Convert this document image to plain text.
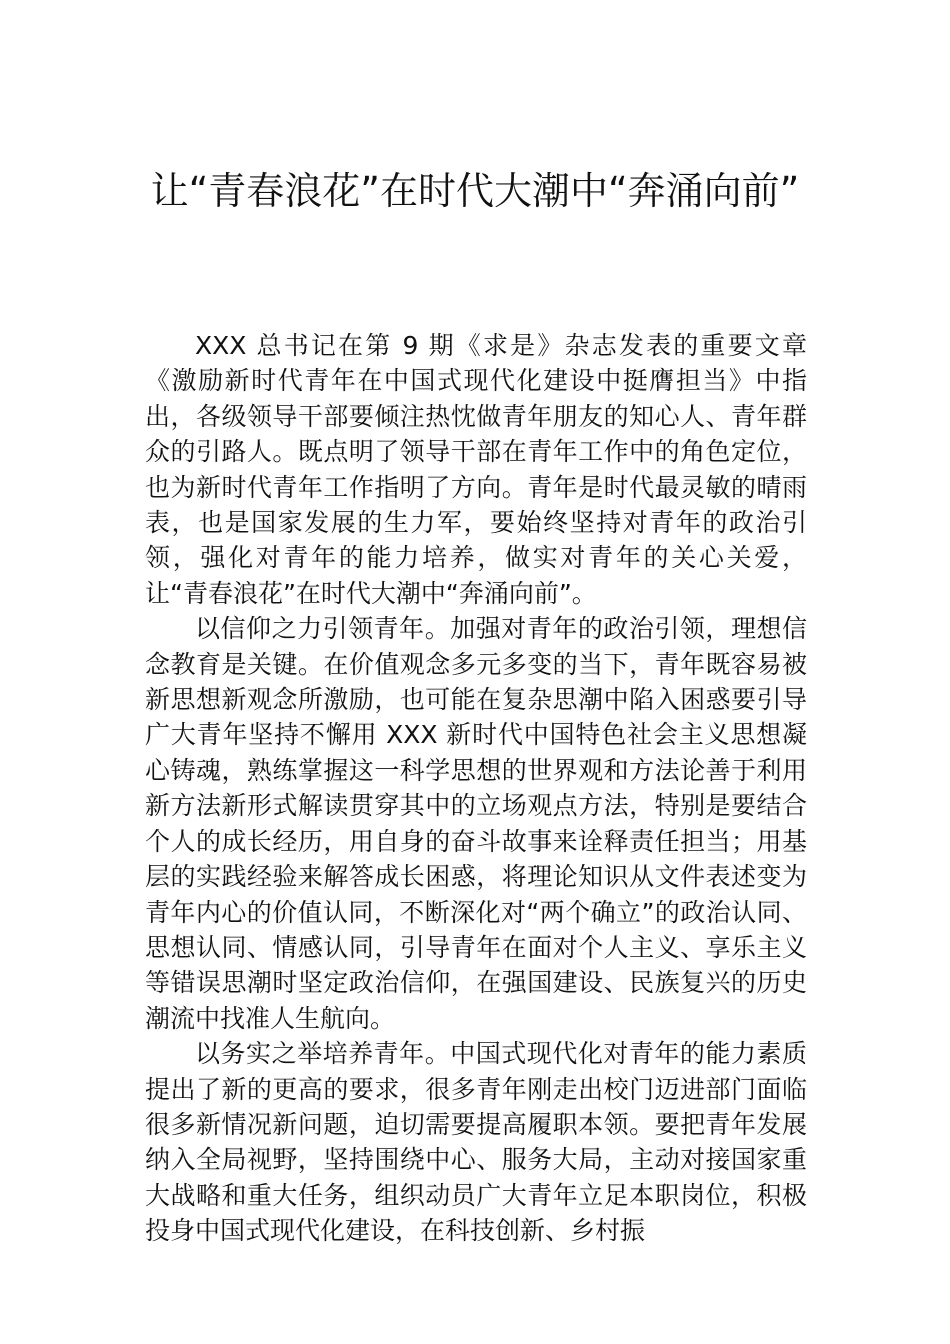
让“青春浪花”在时代大潮中“奔涌向前”

XXX 总书记在第 9 期《求是》杂志发表的重要文章《激励新时代青年在中国式现代化建设中挺膺担当》中指出，各级领导干部要倾注热忱做青年朋友的知心人、青年群众的引路人。既点明了领导干部在青年工作中的角色定位，也为新时代青年工作指明了方向。青年是时代最灵敏的晴雨表，也是国家发展的生力军，要始终坚持对青年的政治引领，强化对青年的能力培养，做实对青年的关心关爱，让“青春浪花”在时代大潮中“奔涌向前”。

以信仰之力引领青年。加强对青年的政治引领，理想信念教育是关键。在价值观念多元多变的当下，青年既容易被新思想新观念所激励，也可能在复杂思潮中陷入困惑要引导广大青年坚持不懈用 XXX 新时代中国特色社会主义思想凝心铸魂，熟练掌握这一科学思想的世界观和方法论善于利用新方法新形式解读贯穿其中的立场观点方法，特别是要结合个人的成长经历，用自身的奋斗故事来诠释责任担当；用基层的实践经验来解答成长困惑，将理论知识从文件表述变为青年内心的价值认同，不断深化对“两个确立”的政治认同、思想认同、情感认同，引导青年在面对个人主义、享乐主义等错误思潮时坚定政治信仰，在强国建设、民族复兴的历史潮流中找准人生航向。

以务实之举培养青年。中国式现代化对青年的能力素质提出了新的更高的要求，很多青年刚走出校门迈进部门面临很多新情况新问题，迫切需要提高履职本领。要把青年发展纳入全局视野，坚持围绕中心、服务大局，主动对接国家重大战略和重大任务，组织动员广大青年立足本职岗位，积极投身中国式现代化建设，在科技创新、乡村振
